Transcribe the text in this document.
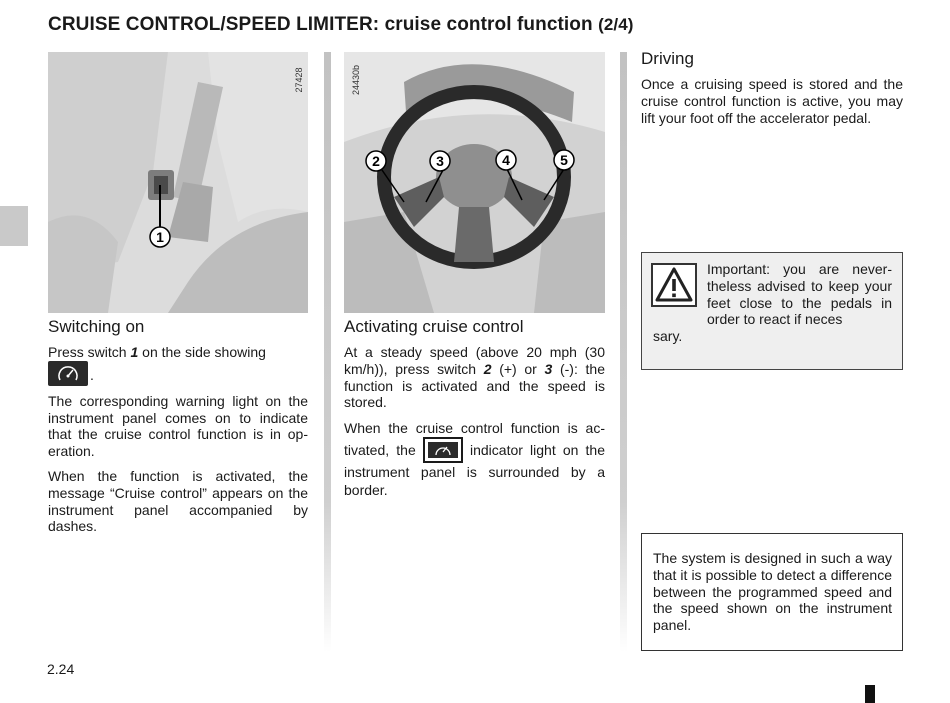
CRUISE CONTROL/SPEED LIMITER: cruise control function (2/4)
1
27428
2	3	4	5
24430b
Switching on

Press switch 1 on the side showing

.

The corresponding warning light on the instrument panel comes on to indicate that the cruise control function is in operation.

When the function is activated, the message “Cruise control” appears on the instrument panel accompanied by dashes.

Activating cruise control

At a steady speed (above 20 mph (30 km/h)), press switch 2 (+) or 3 (-): the function is activated and the speed is stored.

When the cruise control function is activated, the	indicator light on the instrument panel is surrounded by a border.

Driving

Once a cruising speed is stored and the cruise control function is active, you may lift your foot off the accelerator pedal.

Important: you are nevertheless advised to keep your feet close to the pedals in order to react if neces
sary.
The system is designed in such a way that it is possible to detect a difference between the programmed speed and the speed shown on the instrument panel.
2.24
